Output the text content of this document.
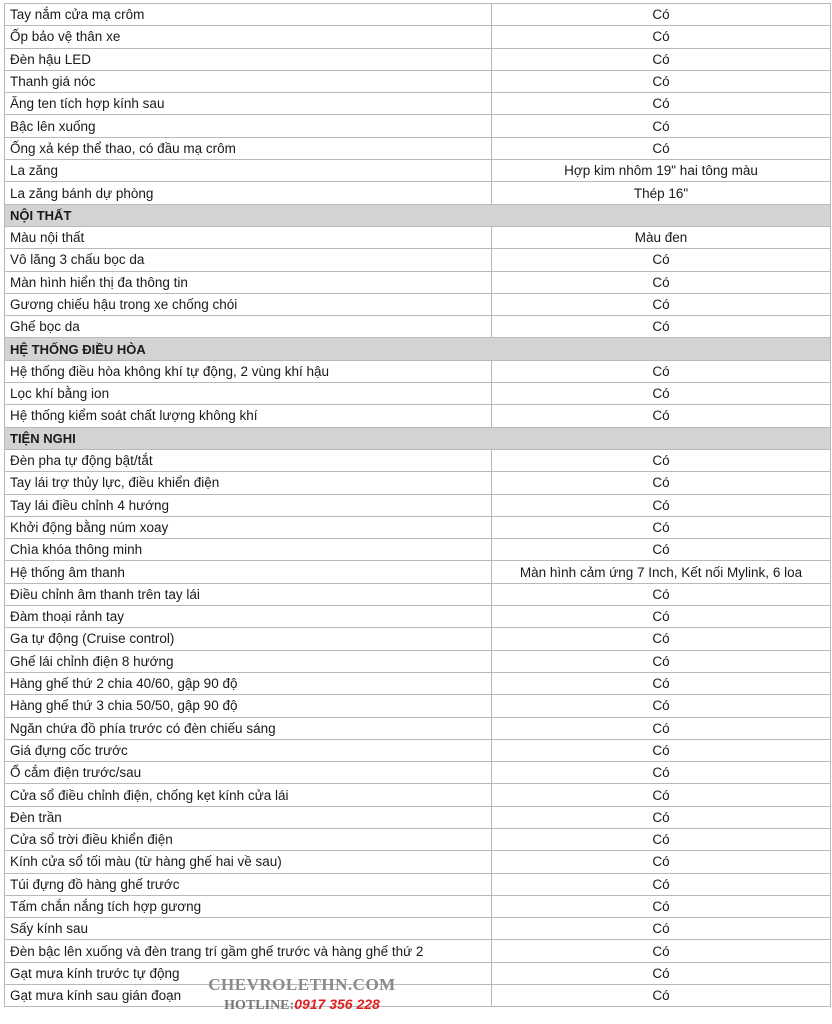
Tay nắm cửa mạ crôm	Có
Ốp bảo vệ thân xe	Có
Đèn hậu LED	Có
Thanh giá nóc	Có
Ăng ten tích hợp kính sau	Có
Bậc lên xuống	Có
Ống xả kép thể thao, có đầu mạ crôm	Có
La zăng	Hợp kim nhôm 19" hai tông màu
La zăng bánh dự phòng	Thép 16"
NỘI THẤT	
Màu nội thất	Màu đen
Vô lăng 3 chấu bọc da	Có
Màn hình hiển thị đa thông tin	Có
Gương chiếu hậu trong xe chống chói	Có
Ghế bọc da	Có
HỆ THỐNG ĐIỀU HÒA	
Hệ thống điều hòa không khí tự động, 2 vùng khí hậu	Có
Lọc khí bằng ion	Có
Hệ thống kiểm soát chất lượng không khí	Có
TIỆN NGHI	
Đèn pha tự động bật/tắt	Có
Tay lái trợ thủy lực, điều khiển điện	Có
Tay lái điều chỉnh 4 hướng	Có
Khởi động bằng núm xoay	Có
Chìa khóa thông minh	Có
Hệ thống âm thanh	Màn hình cảm ứng 7 Inch, Kết nối Mylink, 6 loa
Điều chỉnh âm thanh trên tay lái	Có
Đàm thoại rảnh tay	Có
Ga tự động (Cruise control)	Có
Ghế lái chỉnh điện 8 hướng	Có
Hàng ghế thứ 2 chia 40/60, gập 90 độ	Có
Hàng ghế thứ 3 chia 50/50, gập 90 độ	Có
Ngăn chứa đồ phía trước có đèn chiếu sáng	Có
Giá đựng cốc trước	Có
Ổ cắm điện trước/sau	Có
Cửa sổ điều chỉnh điện, chống kẹt kính cửa lái	Có
Đèn trần	Có
Cửa sổ trời điều khiển điện	Có
Kính cửa sổ tối màu (từ hàng ghế hai về sau)	Có
Túi đựng đồ hàng ghế trước	Có
Tấm chắn nắng tích hợp gương	Có
Sấy kính sau	Có
Đèn bậc lên xuống và đèn trang trí gầm ghế trước và hàng ghế thứ 2	Có
Gạt mưa kính trước tự động	Có
Gạt mưa kính sau gián đoạn	Có
CHEVROLETHN.COM
HOTLINE:0917 356 228
